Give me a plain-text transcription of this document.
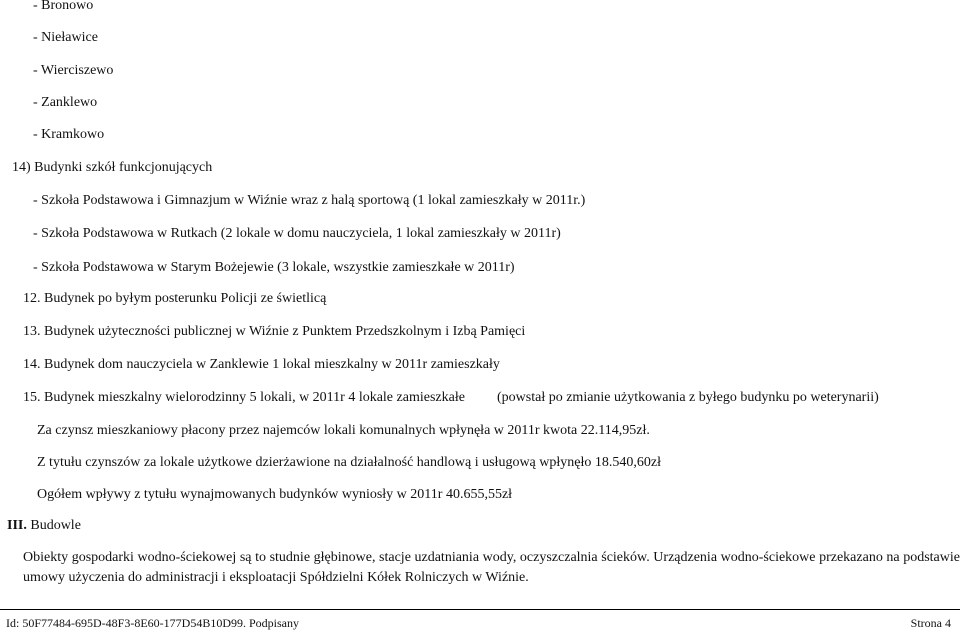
- Bronowo
- Nieławice
- Wierciszewo
- Zanklewo
- Kramkowo
14) Budynki szkół funkcjonujących
- Szkoła Podstawowa i Gimnazjum w Wiźnie wraz z halą sportową (1 lokal zamieszkały w 2011r.)
- Szkoła Podstawowa w Rutkach (2 lokale w domu nauczyciela, 1 lokal zamieszkały w 2011r)
- Szkoła Podstawowa w Starym Bożejewie (3 lokale, wszystkie zamieszkałe w 2011r)
12. Budynek po byłym posterunku Policji ze świetlicą
13. Budynek użyteczności publicznej w Wiźnie z Punktem Przedszkolnym i Izbą Pamięci
14. Budynek dom nauczyciela w Zanklewie 1 lokal mieszkalny w 2011r zamieszkały
15. Budynek mieszkalny wielorodzinny 5 lokali, w 2011r 4 lokale zamieszkałe (powstał po zmianie użytkowania z byłego budynku po weterynarii)
Za czynsz mieszkaniowy płacony przez najemców lokali komunalnych wpłynęła w 2011r kwota 22.114,95zł.
Z tytułu czynszów za lokale użytkowe dzierżawione na działalność handlową i usługową wpłynęło 18.540,60zł
Ogółem wpływy z tytułu wynajmowanych budynków wyniosły w 2011r 40.655,55zł
III. Budowle
Obiekty gospodarki wodno-ściekowej są to studnie głębinowe, stacje uzdatniania wody, oczyszczalnia ścieków. Urządzenia wodno-ściekowe przekazano na podstawie umowy użyczenia do administracji i eksploatacji Spółdzielni Kółek Rolniczych w Wiźnie.
Id: 50F77484-695D-48F3-8E60-177D54B10D99. Podpisany	Strona 4
